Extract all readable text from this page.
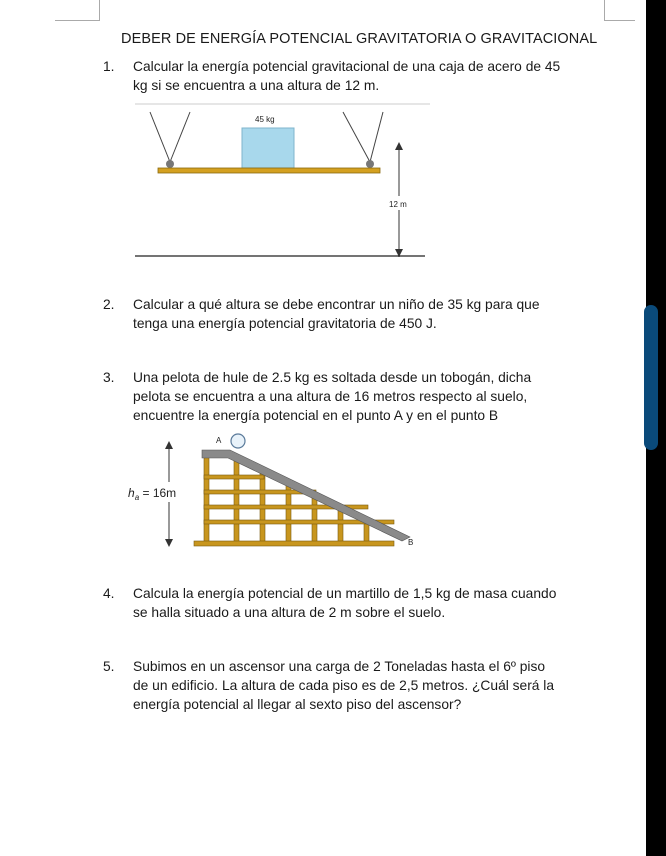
DEBER DE ENERGÍA POTENCIAL GRAVITATORIA O GRAVITACIONAL
1. Calcular la energía potencial gravitacional de una caja de acero de 45
kg si se encuentra a una altura de 12 m.
45 kg
12 m
2. Calcular a qué altura se debe encontrar un niño de 35 kg para que
tenga una energía potencial gravitatoria de 450 J.
3. Una pelota de hule de 2.5 kg es soltada desde un tobogán, dicha
pelota se encuentra a una altura de 16 metros respecto al suelo,
encuentre la energía potencial en el punto A y en el punto B
A
B
$h_a = 16m$
4. Calcula la energía potencial de un martillo de 1,5 kg de masa cuando
se halla situado a una altura de 2 m sobre el suelo.
5. Subimos en un ascensor una carga de 2 Toneladas hasta el 6º piso
de un edificio. La altura de cada piso es de 2,5 metros. ¿Cuál será la
energía potencial al llegar al sexto piso del ascensor?
